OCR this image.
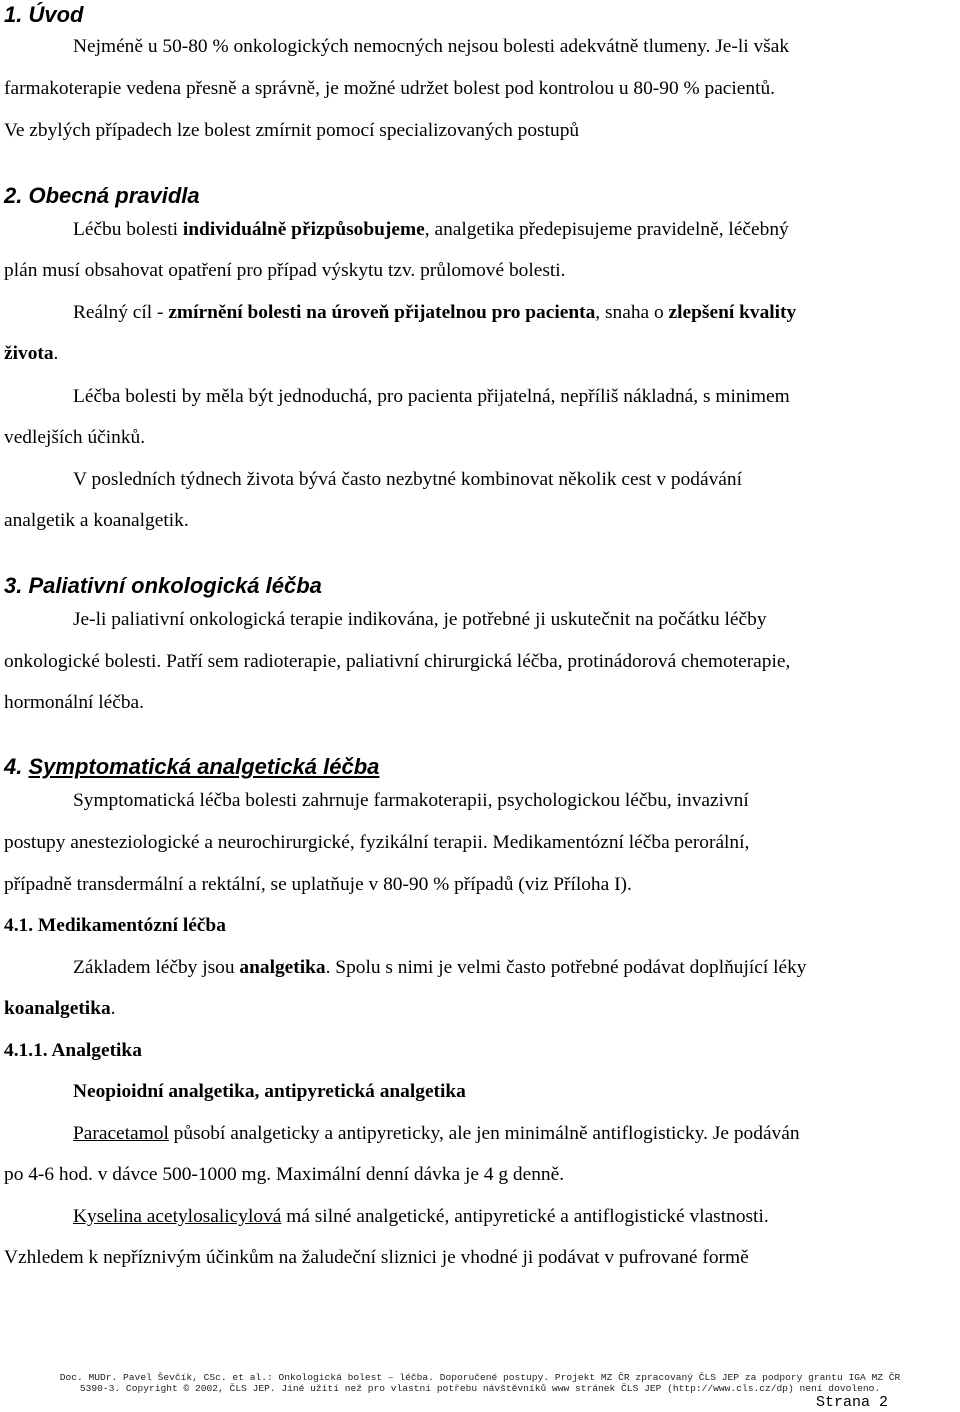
1. Úvod
Nejméně u 50-80 % onkologických nemocných nejsou bolesti adekvátně tlumeny. Je-li však
farmakoterapie vedena přesně a správně, je možné udržet bolest pod kontrolou u 80-90 % pacientů.
Ve zbylých případech lze bolest zmírnit pomocí specializovaných postupů
2. Obecná pravidla
Léčbu bolesti individuálně přizpůsobujeme, analgetika předepisujeme pravidelně, léčebný
plán musí obsahovat opatření pro případ výskytu tzv. průlomové bolesti.
Reálný cíl - zmírnění bolesti na úroveň přijatelnou pro pacienta, snaha o zlepšení kvality
života.
Léčba bolesti by měla být jednoduchá, pro pacienta přijatelná, nepříliš nákladná, s minimem
vedlejších účinků.
V posledních týdnech života bývá často nezbytné kombinovat několik cest v podávání
analgetik a koanalgetik.
3. Paliativní onkologická léčba
Je-li paliativní onkologická terapie indikována, je potřebné ji uskutečnit na počátku léčby
onkologické bolesti. Patří sem radioterapie, paliativní chirurgická léčba, protinádorová chemoterapie,
hormonální léčba.
4. Symptomatická analgetická léčba
Symptomatická léčba bolesti zahrnuje farmakoterapii, psychologickou léčbu, invazivní
postupy anesteziologické a neurochirurgické, fyzikální terapii. Medikamentózní léčba perorální,
případně transdermální a rektální, se uplatňuje v 80-90 % případů (viz Příloha I).
4.1. Medikamentózní léčba
Základem léčby jsou analgetika. Spolu s nimi je velmi často potřebné podávat doplňující léky
koanalgetika.
4.1.1. Analgetika
Neopioidní analgetika, antipyretická analgetika
Paracetamol působí analgeticky a antipyreticky, ale jen minimálně antiflogisticky. Je podáván
po 4-6 hod. v dávce 500-1000 mg. Maximální denní dávka je 4 g denně.
Kyselina acetylosalicylová má silné analgetické, antipyretické a antiflogistické vlastnosti.
Vzhledem k nepříznivým účinkům na žaludeční sliznici je vhodné ji podávat v pufrované formě
Doc. MUDr. Pavel Ševčík, CSc. et al.: Onkologická bolest – léčba. Doporučené postupy. Projekt MZ ČR zpracovaný ČLS JEP za podpory grantu IGA MZ ČR
5390-3. Copyright © 2002, ČLS JEP. Jiné užití než pro vlastní potřebu návštěvníků www stránek ČLS JEP (http://www.cls.cz/dp) není dovoleno.
Strana 2
